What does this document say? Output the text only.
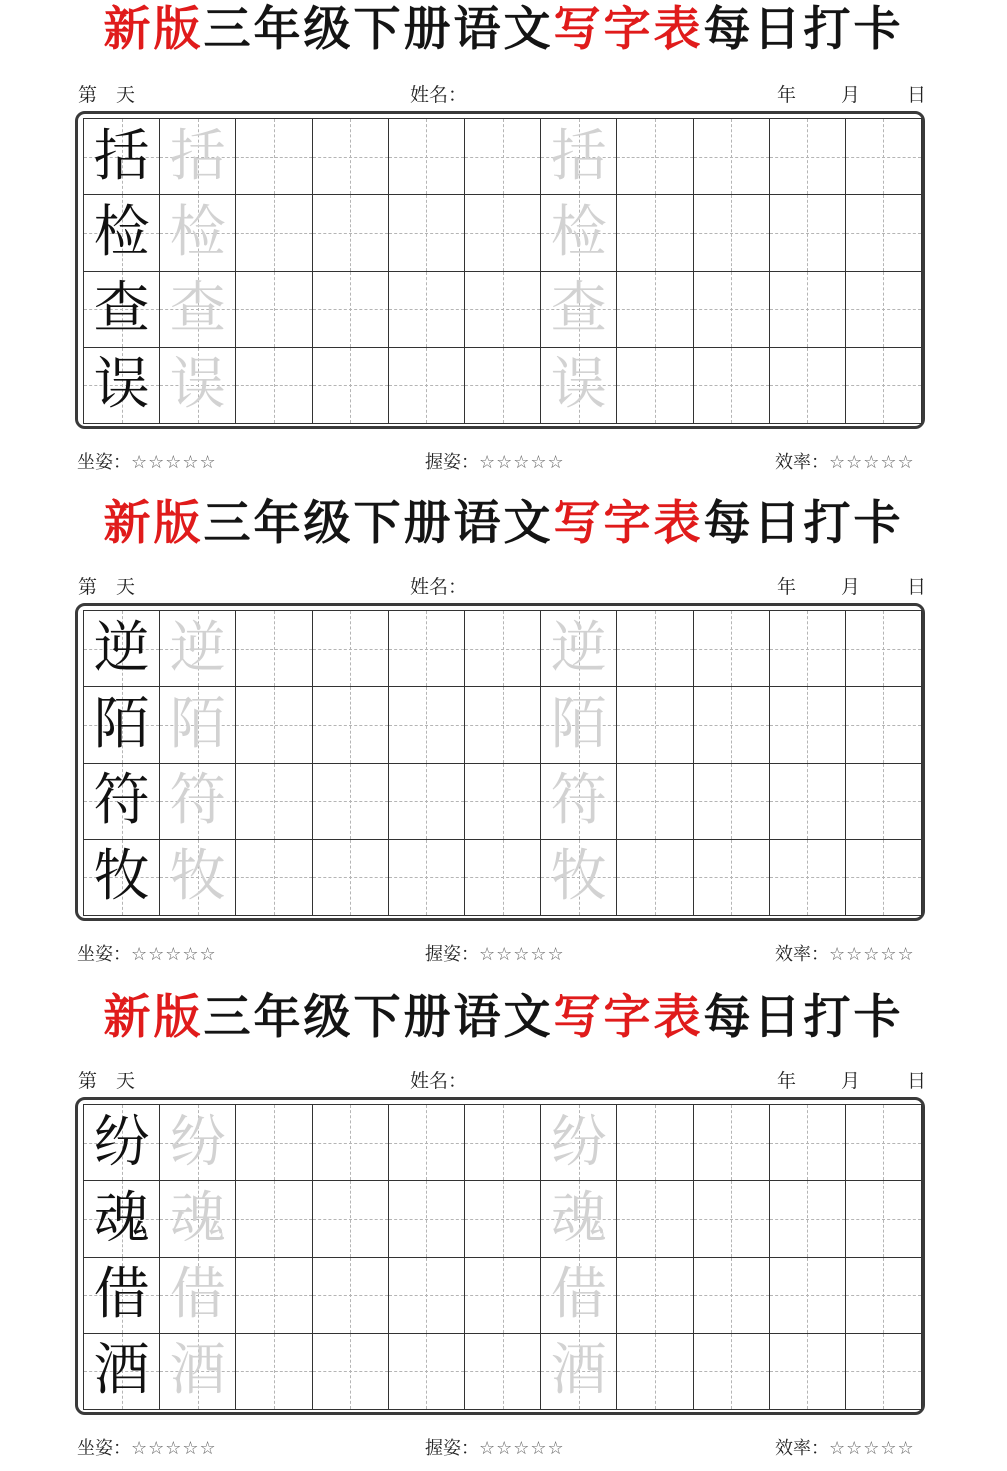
新版三年级下册语文写字表每日打卡
第　天	姓名：	年 月 日
括 括	括
检 检	检
查 查	查
误 误	误
坐姿：☆☆☆☆☆	握姿：☆☆☆☆☆	效率：☆☆☆☆☆
新版三年级下册语文写字表每日打卡
第　天	姓名：	年 月 日
逆 逆	逆
陌 陌	陌
符 符	符
牧 牧	牧
坐姿：☆☆☆☆☆	握姿：☆☆☆☆☆	效率：☆☆☆☆☆
新版三年级下册语文写字表每日打卡
第　天	姓名：	年 月 日
纷 纷	纷
魂 魂	魂
借 借	借
酒 酒	酒
坐姿：☆☆☆☆☆	握姿：☆☆☆☆☆	效率：☆☆☆☆☆
